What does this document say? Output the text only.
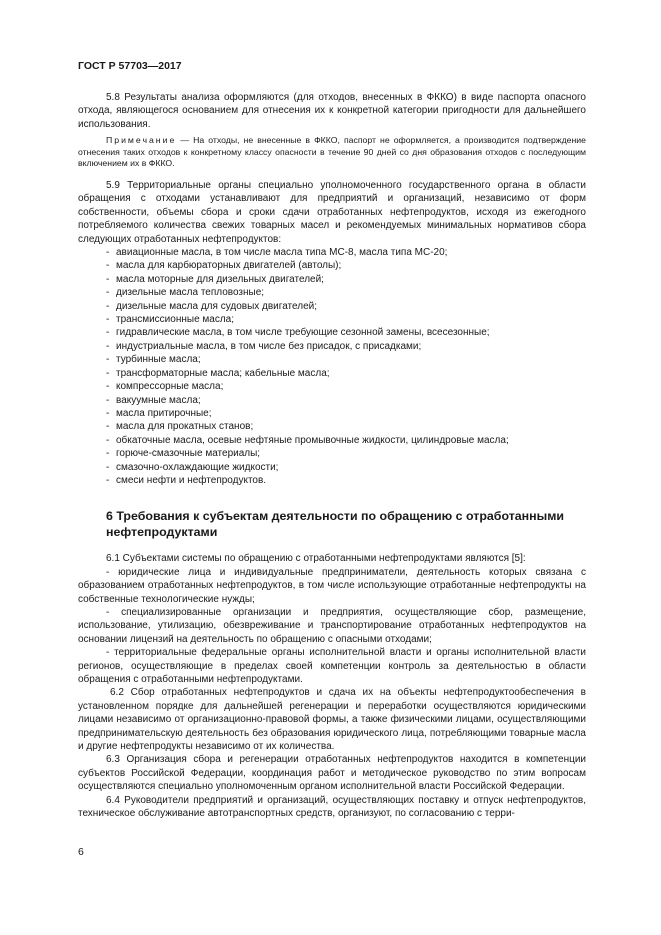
ГОСТ Р 57703—2017

5.8 Результаты анализа оформляются (для отходов, внесенных в ФККО) в виде паспорта опасного отхода, являющегося основанием для отнесения их к конкретной категории пригодности для дальнейшего использования.

Примечание — На отходы, не внесенные в ФККО, паспорт не оформляется, а производится подтверждение отнесения таких отходов к конкретному классу опасности в течение 90 дней со дня образования отходов с последующим включением их в ФККО.

5.9 Территориальные органы специально уполномоченного государственного органа в области обращения с отходами устанавливают для предприятий и организаций, независимо от форм собственности, объемы сбора и сроки сдачи отработанных нефтепродуктов, исходя из ежегодного потребляемого количества свежих товарных масел и рекомендуемых минимальных нормативов сбора следующих отработанных нефтепродуктов:

- авиационные масла, в том числе масла типа МС-8, масла типа МС-20;
- масла для карбюраторных двигателей (автолы);
- масла моторные для дизельных двигателей;
- дизельные масла тепловозные;
- дизельные масла для судовых двигателей;
- трансмиссионные масла;
- гидравлические масла, в том числе требующие сезонной замены, всесезонные;
- индустриальные масла, в том числе без присадок, с присадками;
- турбинные масла;
- трансформаторные масла; кабельные масла;
- компрессорные масла;
- вакуумные масла;
- масла притирочные;
- масла для прокатных станов;
- обкаточные масла, осевые нефтяные промывочные жидкости, цилиндровые масла;
- горюче-смазочные материалы;
- смазочно-охлаждающие жидкости;
- смеси нефти и нефтепродуктов.
6 Требования к субъектам деятельности по обращению с отработанными нефтепродуктами

6.1 Субъектами системы по обращению с отработанными нефтепродуктами являются [5]:

- юридические лица и индивидуальные предприниматели, деятельность которых связана с образованием отработанных нефтепродуктов, в том числе использующие отработанные нефтепродукты на собственные технологические нужды;

- специализированные организации и предприятия, осуществляющие сбор, размещение, использование, утилизацию, обезвреживание и транспортирование отработанных нефтепродуктов на основании лицензий на деятельность по обращению с опасными отходами;

- территориальные федеральные органы исполнительной власти и органы исполнительной власти регионов, осуществляющие в пределах своей компетенции контроль за деятельностью в области обращения с отработанными нефтепродуктами.

6.2 Сбор отработанных нефтепродуктов и сдача их на объекты нефтепродуктообеспечения в установленном порядке для дальнейшей регенерации и переработки осуществляются юридическими лицами независимо от организационно-правовой формы, а также физическими лицами, осуществляющими предпринимательскую деятельность без образования юридического лица, потребляющими товарные масла и другие нефтепродукты независимо от их количества.

6.3 Организация сбора и регенерации отработанных нефтепродуктов находится в компетенции субъектов Российской Федерации, координация работ и методическое руководство по этим вопросам осуществляются специально уполномоченным органом исполнительной власти Российской Федерации.

6.4 Руководители предприятий и организаций, осуществляющих поставку и отпуск нефтепродуктов, техническое обслуживание автотранспортных средств, организуют, по согласованию с терри-

6
